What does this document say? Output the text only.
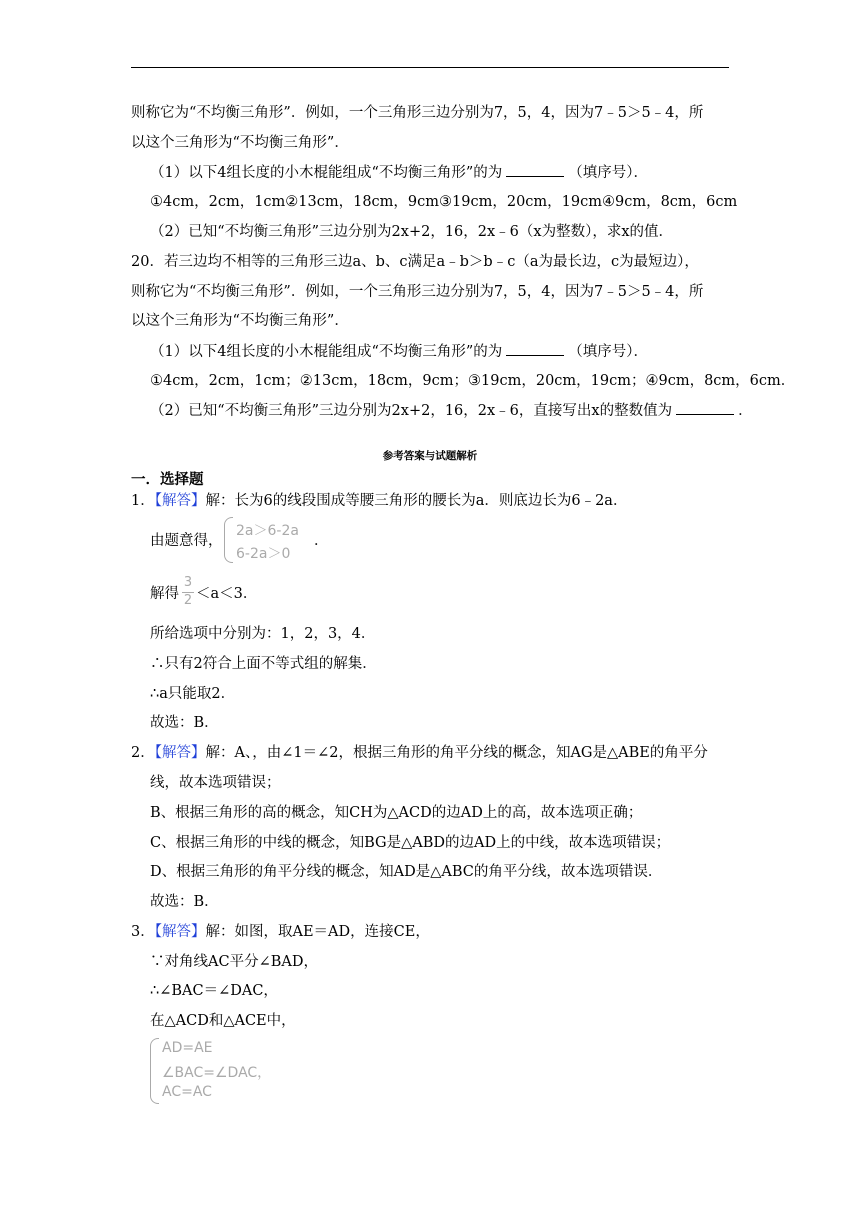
则称它为“不均衡三角形”．例如，一个三角形三边分别为7，5，4，因为7﹣5＞5﹣4，所
以这个三角形为“不均衡三角形”．
（1）以下4组长度的小木棍能组成“不均衡三角形”的为	（填序号）．
①4cm，2cm，1cm②13cm，18cm，9cm③19cm，20cm，19cm④9cm，8cm，6cm
（2）已知“不均衡三角形”三边分别为2x+2，16，2x﹣6（x为整数），求x的值．
20．若三边均不相等的三角形三边a、b、c满足a﹣b＞b﹣c（a为最长边，c为最短边），
则称它为“不均衡三角形”．例如，一个三角形三边分别为7，5，4，因为7﹣5＞5﹣4，所
以这个三角形为“不均衡三角形”．
（1）以下4组长度的小木棍能组成“不均衡三角形”的为	（填序号）．
①4cm，2cm，1cm；②13cm，18cm，9cm；③19cm，20cm，19cm；④9cm，8cm，6cm．
（2）已知“不均衡三角形”三边分别为2x+2，16，2x﹣6，直接写出x的整数值为	．
参考答案与试题解析
一．选择题
1．【解答】解：长为6的线段围成等腰三角形的腰长为a．则底边长为6﹣2a．
由题意得，
2a＞6-2a
6-2a＞0
．
解得
3
2 ＜a＜3．
所给选项中分别为：1，2，3，4．
∴只有2符合上面不等式组的解集．
∴a只能取2．
故选：B．
2．【解答】解：A、，由∠1＝∠2，根据三角形的角平分线的概念，知AG是△ABE的角平分
线，故本选项错误；
B、根据三角形的高的概念，知CH为△ACD的边AD上的高，故本选项正确；
C、根据三角形的中线的概念，知BG是△ABD的边AD上的中线，故本选项错误；
D、根据三角形的角平分线的概念，知AD是△ABC的角平分线，故本选项错误．
故选：B．
3．【解答】解：如图，取AE＝AD，连接CE，
∵对角线AC平分∠BAD，
∴∠BAC＝∠DAC，
在△ACD和△ACE中，
AD=AE
∠BAC=∠DAC，
AC=AC
